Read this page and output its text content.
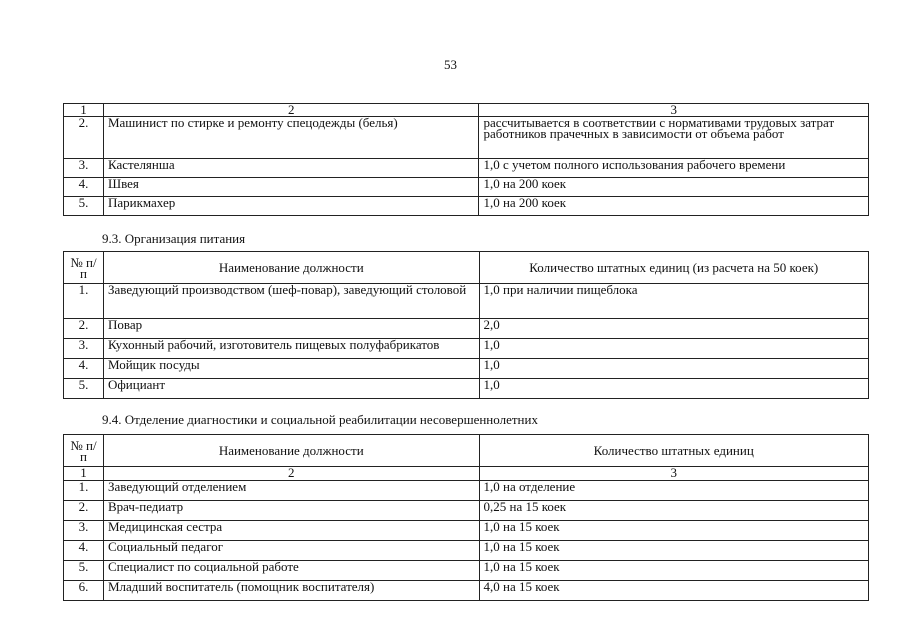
53
1	2	3
2.	Машинист по стирке и ремонту спецодежды (белья)	рассчитывается в соответствии с нормативами трудовых затрат работников прачечных в зависимости от объема работ
3.	Кастелянша	1,0 с учетом полного использования рабочего времени
4.	Швея	1,0 на 200 коек
5.	Парикмахер	1,0 на 200 коек
9.3. Организация питания
№ п/п	Наименование должности	Количество штатных единиц (из расчета на 50 коек)
1.	Заведующий производством (шеф-повар), заведующий столовой	1,0 при наличии пищеблока
2.	Повар	2,0
3.	Кухонный рабочий, изготовитель пищевых полуфабрикатов	1,0
4.	Мойщик посуды	1,0
5.	Официант	1,0
9.4. Отделение диагностики и социальной реабилитации несовершеннолетних
№ п/п	Наименование должности	Количество штатных единиц
1	2	3
1.	Заведующий отделением	1,0 на отделение
2.	Врач-педиатр	0,25 на 15 коек
3.	Медицинская сестра	1,0 на 15 коек
4.	Социальный педагог	1,0 на 15 коек
5.	Специалист по социальной работе	1,0 на 15 коек
6.	Младший воспитатель (помощник воспитателя)	4,0 на 15 коек
